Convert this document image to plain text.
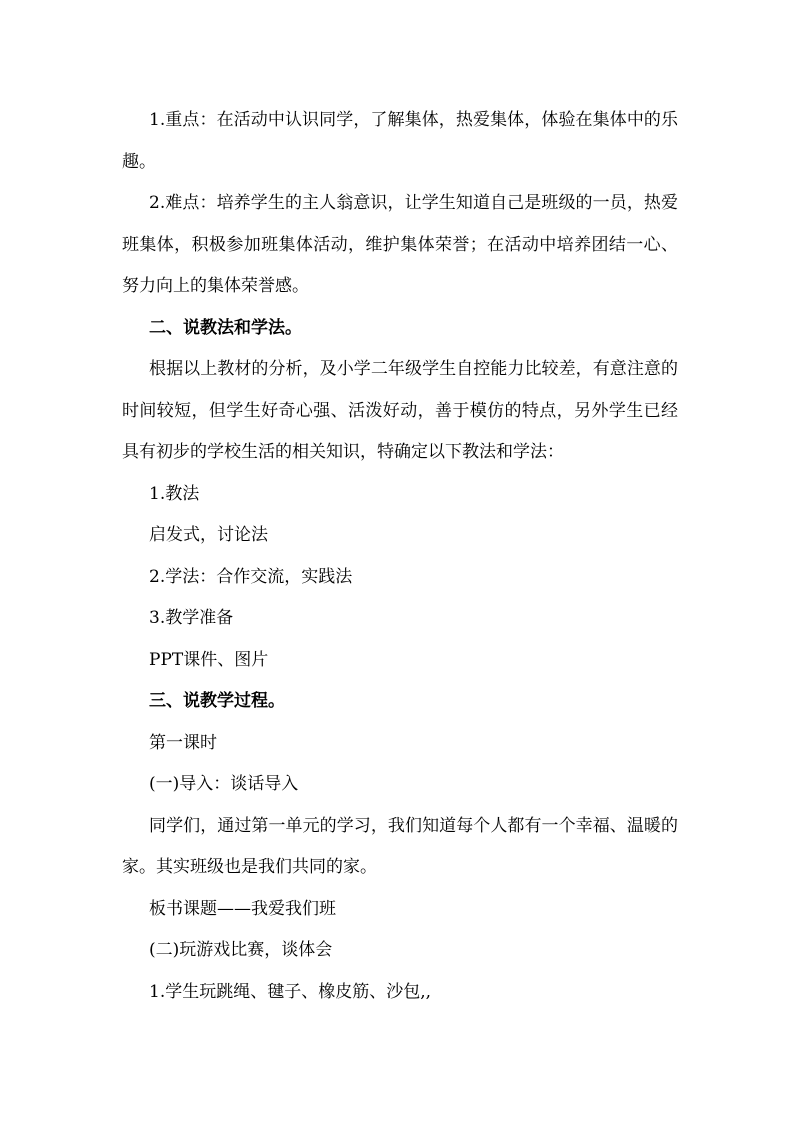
1.重点：在活动中认识同学，了解集体，热爱集体，体验在集体中的乐趣。

2.难点：培养学生的主人翁意识，让学生知道自己是班级的一员，热爱班集体，积极参加班集体活动，维护集体荣誉；在活动中培养团结一心、努力向上的集体荣誉感。

二、说教法和学法。

根据以上教材的分析，及小学二年级学生自控能力比较差，有意注意的时间较短，但学生好奇心强、活泼好动，善于模仿的特点，另外学生已经具有初步的学校生活的相关知识，特确定以下教法和学法：

1.教法

启发式，讨论法

2.学法：合作交流，实践法

3.教学准备

PPT课件、图片

三、说教学过程。

第一课时

(一)导入：谈话导入

同学们，通过第一单元的学习，我们知道每个人都有一个幸福、温暖的家。其实班级也是我们共同的家。

板书课题——我爱我们班

(二)玩游戏比赛，谈体会

1.学生玩跳绳、毽子、橡皮筋、沙包,,
